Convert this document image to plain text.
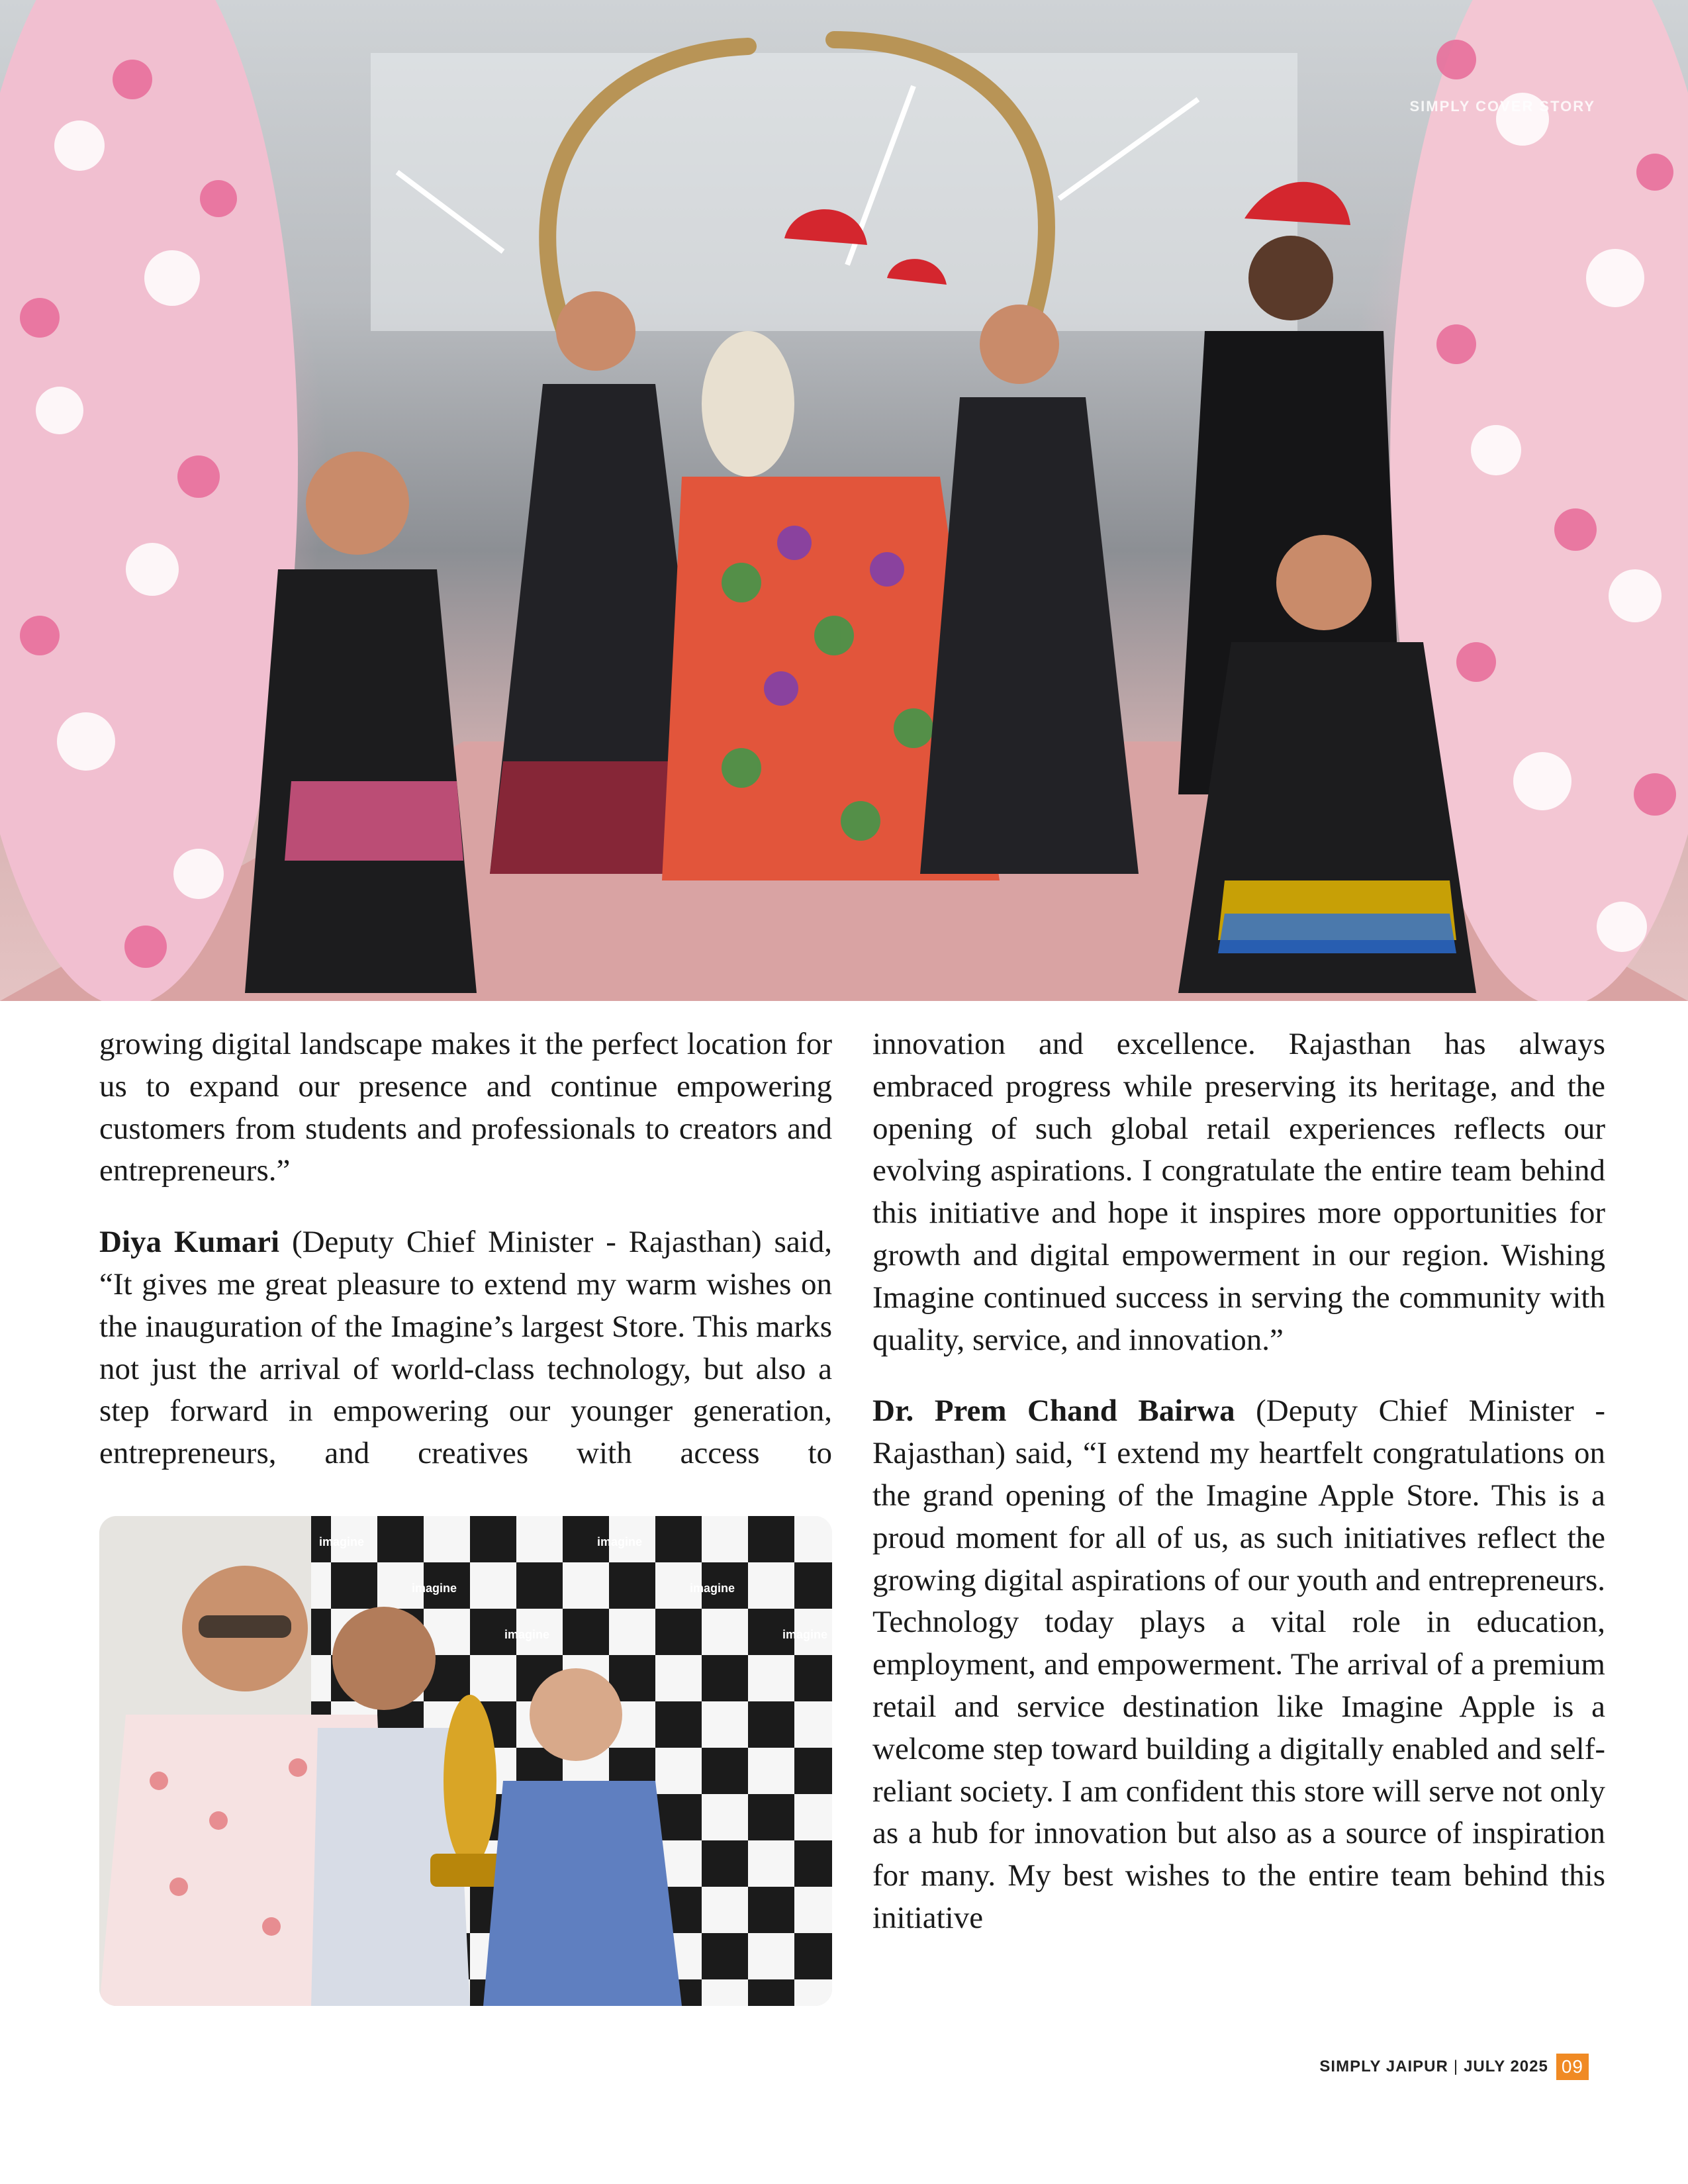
SIMPLY COVER STORY

growing digital landscape makes it the perfect location for us to expand our presence and continue empowering customers from students and professionals to creators and entrepreneurs.”

Diya Kumari (Deputy Chief Minister - Rajasthan) said, “It gives me great pleasure to extend my warm wishes on the inauguration of the Imagine’s largest Store. This marks not just the arrival of world-class technology, but also a step forward in empowering our younger generation, entrepreneurs, and creatives with access to

imagine
imagine
imagine
imagine
imagine
imagine

innovation and excellence. Rajasthan has always embraced progress while preserving its heritage, and the opening of such global retail experiences reflects our evolving aspirations. I congratulate the entire team behind this initiative and hope it inspires more opportunities for growth and digital empowerment in our region. Wishing Imagine continued success in serving the community with quality, service, and innovation.”

Dr. Prem Chand Bairwa (Deputy Chief Minister - Rajasthan) said, “I extend my heartfelt congratulations on the grand opening of the Imagine Apple Store. This is a proud moment for all of us, as such initiatives reflect the growing digital aspirations of our youth and entrepreneurs. Technology today plays a vital role in education, employment, and empowerment. The arrival of a premium retail and service destination like Imagine Apple is a welcome step toward building a digitally enabled and self-reliant society. I am confident this store will serve not only as a hub for innovation but also as a source of inspiration for many. My best wishes to the entire team behind this initiative

SIMPLY JAIPUR | JULY 2025 09
